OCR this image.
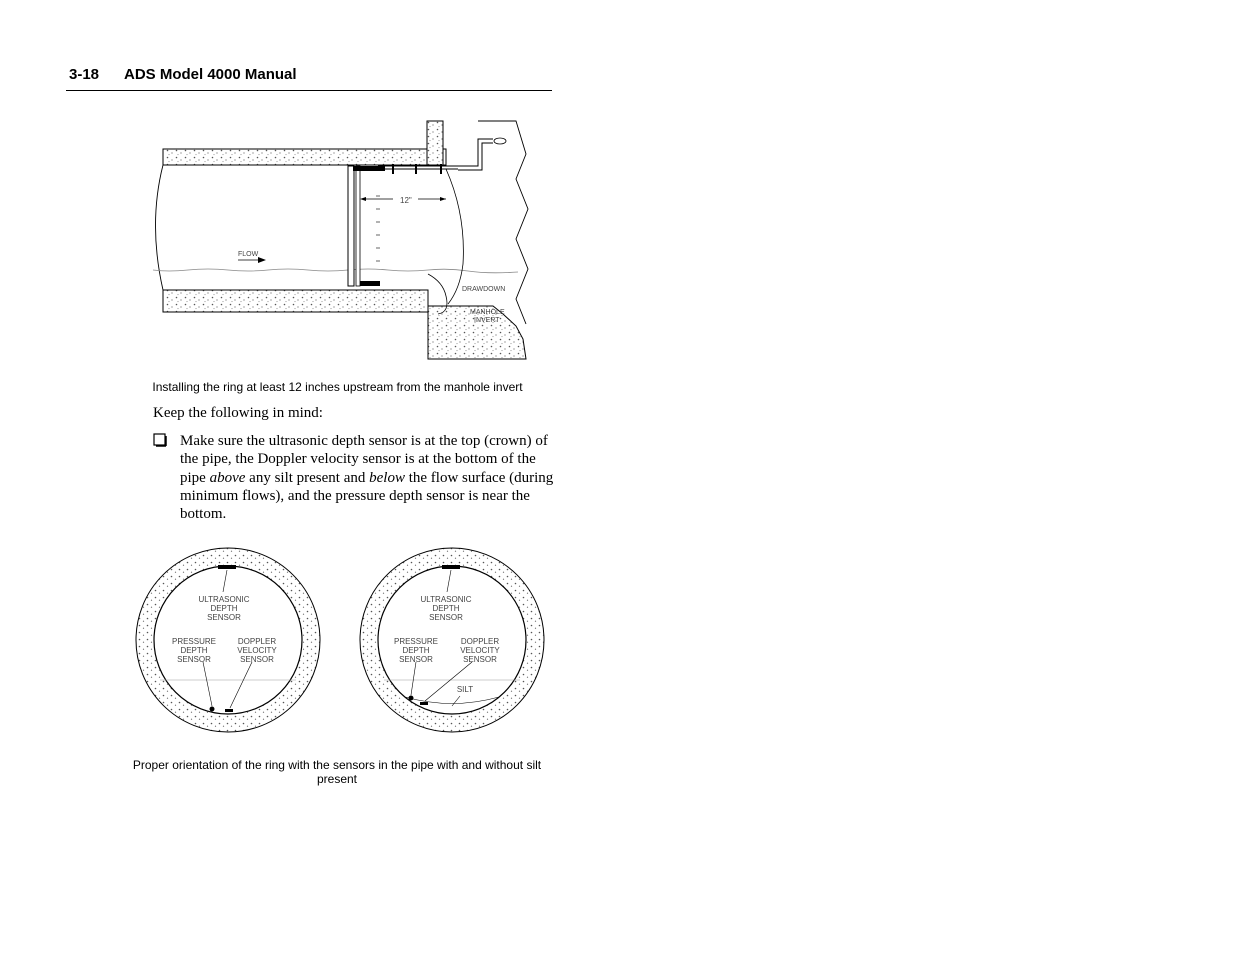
3-18 ADS Model 4000 Manual
12"
FLOW
DRAWDOWN
MANHOLE
INVERT
Installing the ring at least 12 inches upstream from the manhole invert
Keep the following in mind:
Make sure the ultrasonic depth sensor is at the top (crown) of the pipe, the Doppler velocity sensor is at the bottom of the pipe above any silt present and below the flow surface (during minimum flows), and the pressure depth sensor is near the bottom.
ULTRASONIC
DEPTH
SENSOR
PRESSURE
DEPTH
SENSOR
DOPPLER
VELOCITY
SENSOR
ULTRASONIC
DEPTH
SENSOR
PRESSURE
DEPTH
SENSOR
DOPPLER
VELOCITY
SENSOR
SILT
Proper orientation of the ring with the sensors in the pipe with and without silt
present
